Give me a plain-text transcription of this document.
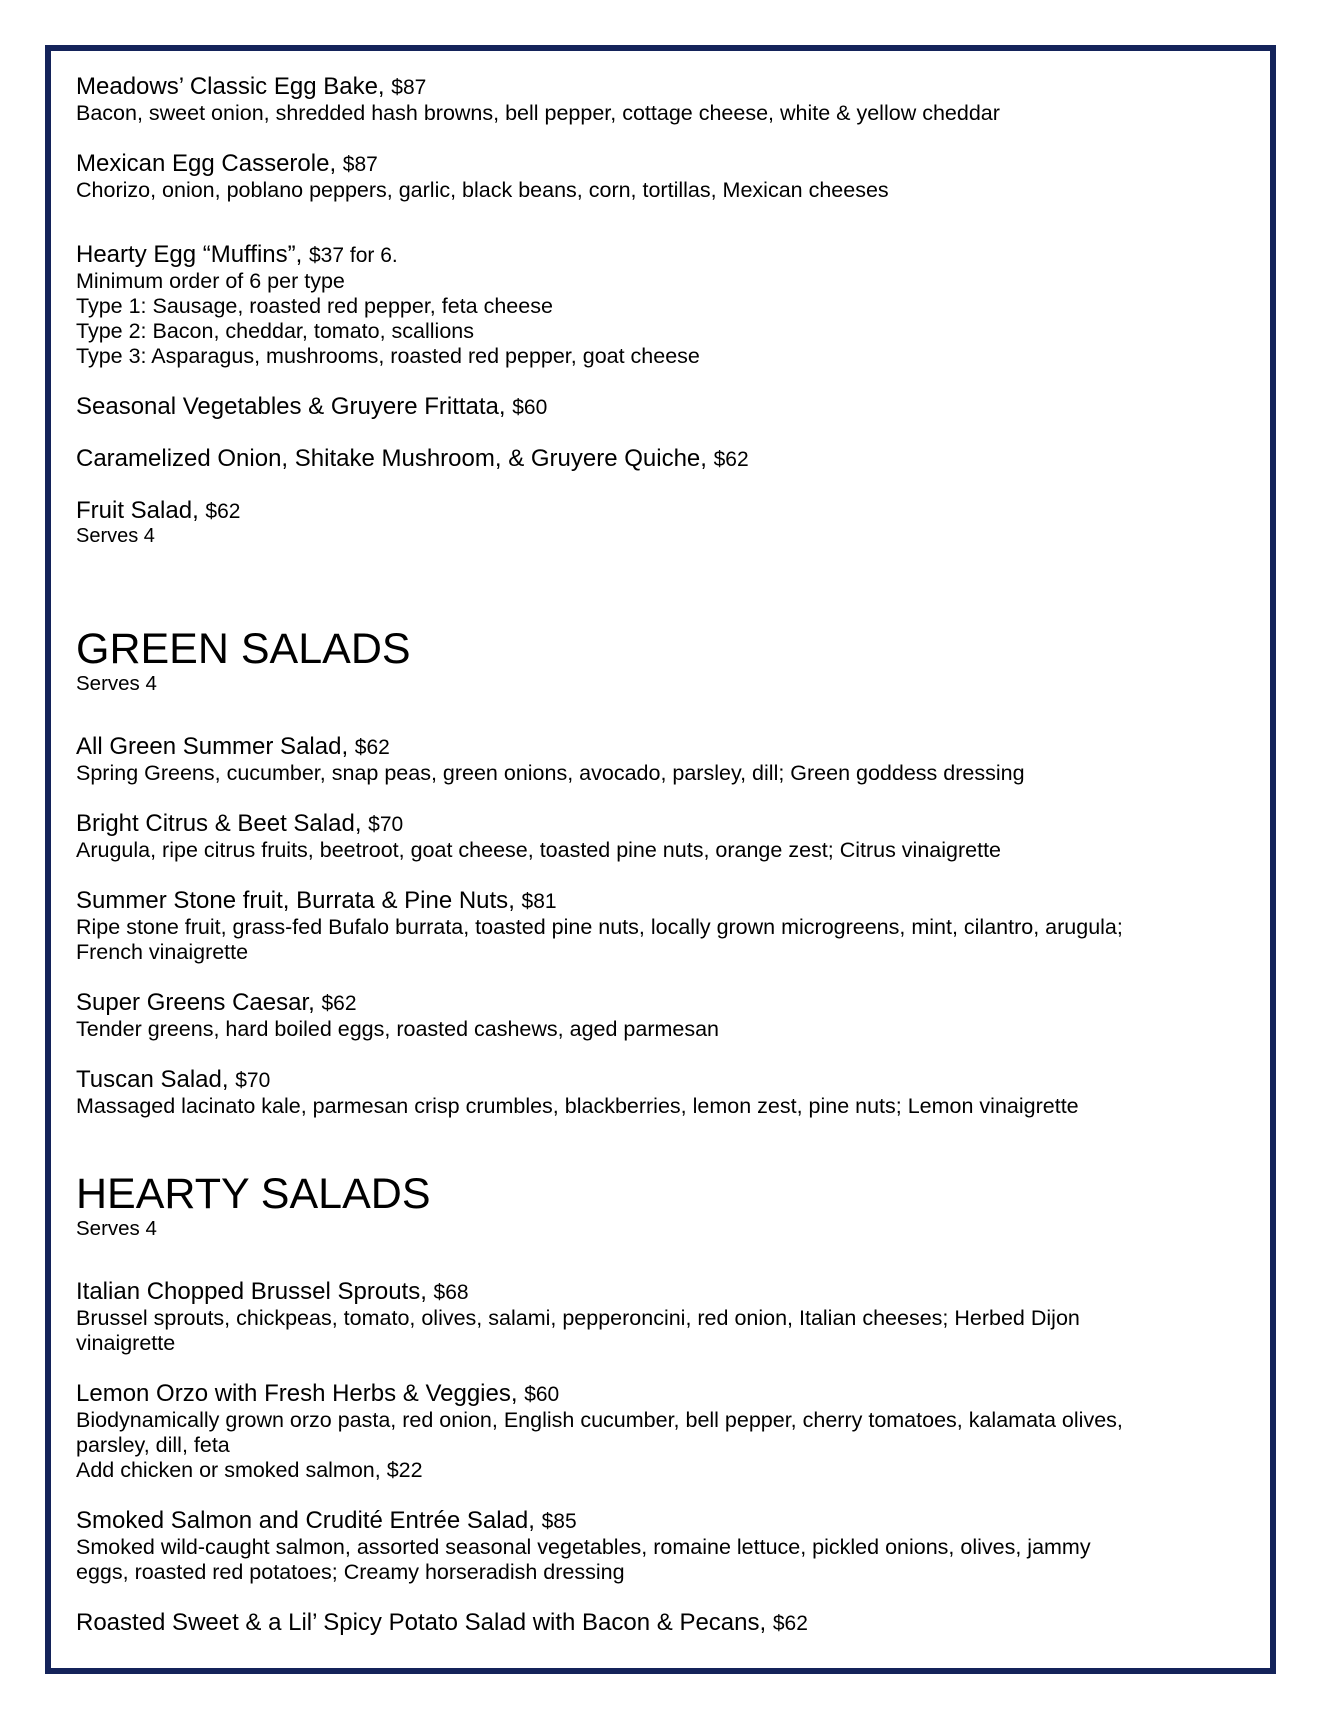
Meadows’ Classic Egg Bake, $87
Bacon, sweet onion, shredded hash browns, bell pepper, cottage cheese, white & yellow cheddar
Mexican Egg Casserole, $87
Chorizo, onion, poblano peppers, garlic, black beans, corn, tortillas, Mexican cheeses
Hearty Egg “Muffins”, $37 for 6.
Minimum order of 6 per type
Type 1: Sausage, roasted red pepper, feta cheese
Type 2: Bacon, cheddar, tomato, scallions
Type 3: Asparagus, mushrooms, roasted red pepper, goat cheese
Seasonal Vegetables & Gruyere Frittata, $60
Caramelized Onion, Shitake Mushroom, & Gruyere Quiche, $62
Fruit Salad, $62
Serves 4
GREEN SALADS
Serves 4
All Green Summer Salad, $62
Spring Greens, cucumber, snap peas, green onions, avocado, parsley, dill; Green goddess dressing
Bright Citrus & Beet Salad, $70
Arugula, ripe citrus fruits, beetroot, goat cheese, toasted pine nuts, orange zest; Citrus vinaigrette
Summer Stone fruit, Burrata & Pine Nuts, $81
Ripe stone fruit, grass-fed Bufalo burrata, toasted pine nuts, locally grown microgreens, mint, cilantro, arugula;
French vinaigrette
Super Greens Caesar, $62
Tender greens, hard boiled eggs, roasted cashews, aged parmesan
Tuscan Salad, $70
Massaged lacinato kale, parmesan crisp crumbles, blackberries, lemon zest, pine nuts; Lemon vinaigrette
HEARTY SALADS
Serves 4
Italian Chopped Brussel Sprouts, $68
Brussel sprouts, chickpeas, tomato, olives, salami, pepperoncini, red onion, Italian cheeses; Herbed Dijon
vinaigrette
Lemon Orzo with Fresh Herbs & Veggies, $60
Biodynamically grown orzo pasta, red onion, English cucumber, bell pepper, cherry tomatoes, kalamata olives,
parsley, dill, feta
Add chicken or smoked salmon, $22
Smoked Salmon and Crudité Entrée Salad, $85
Smoked wild-caught salmon, assorted seasonal vegetables, romaine lettuce, pickled onions, olives, jammy
eggs, roasted red potatoes; Creamy horseradish dressing
Roasted Sweet & a Lil’ Spicy Potato Salad with Bacon & Pecans, $62
